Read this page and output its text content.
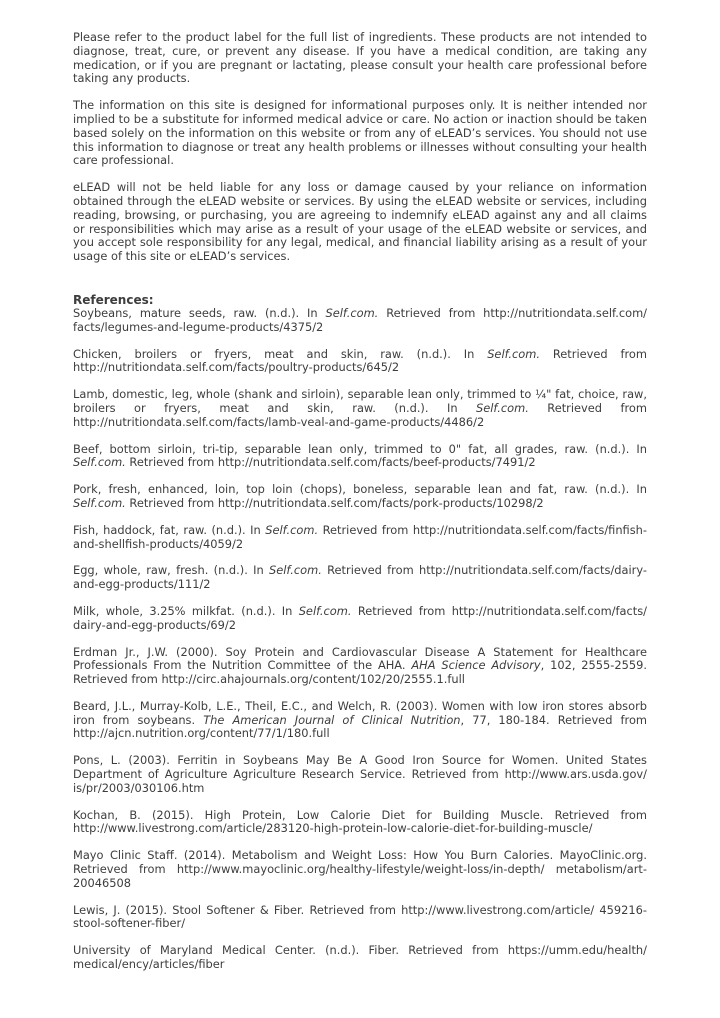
Please refer to the product label for the full list of ingredients. These products are not intended to diagnose, treat, cure, or prevent any disease. If you have a medical condition, are taking any medication, or if you are pregnant or lactating, please consult your health care professional before taking any products.

The information on this site is designed for informational purposes only. It is neither intended nor implied to be a substitute for informed medical advice or care. No action or inaction should be taken based solely on the information on this website or from any of eLEAD’s services. You should not use this information to diagnose or treat any health problems or illnesses without consulting your health care professional.

eLEAD will not be held liable for any loss or damage caused by your reliance on information obtained through the eLEAD website or services. By using the eLEAD website or services, including reading, browsing, or purchasing, you are agreeing to indemnify eLEAD against any and all claims or responsibilities which may arise as a result of your usage of the eLEAD website or services, and you accept sole responsibility for any legal, medical, and financial liability arising as a result of your usage of this site or eLEAD’s services.

References:

Soybeans, mature seeds, raw. (n.d.). In Self.com. Retrieved from http://nutritiondata.self.com/ facts/legumes-and-legume-products/4375/2

Chicken, broilers or fryers, meat and skin, raw. (n.d.). In Self.com. Retrieved from http://nutritiondata.self.com/facts/poultry-products/645/2

Lamb, domestic, leg, whole (shank and sirloin), separable lean only, trimmed to ¼" fat, choice, raw, broilers or fryers, meat and skin, raw. (n.d.). In Self.com. Retrieved from http://nutritiondata.self.com/facts/lamb-veal-and-game-products/4486/2

Beef, bottom sirloin, tri-tip, separable lean only, trimmed to 0" fat, all grades, raw. (n.d.). In Self.com. Retrieved from http://nutritiondata.self.com/facts/beef-products/7491/2

Pork, fresh, enhanced, loin, top loin (chops), boneless, separable lean and fat, raw. (n.d.). In Self.com. Retrieved from http://nutritiondata.self.com/facts/pork-products/10298/2

Fish, haddock, fat, raw. (n.d.). In Self.com. Retrieved from http://nutritiondata.self.com/facts/finfish-and-shellfish-products/4059/2

Egg, whole, raw, fresh. (n.d.). In Self.com. Retrieved from http://nutritiondata.self.com/facts/dairy-and-egg-products/111/2

Milk, whole, 3.25% milkfat. (n.d.). In Self.com. Retrieved from http://nutritiondata.self.com/facts/ dairy-and-egg-products/69/2

Erdman Jr., J.W. (2000). Soy Protein and Cardiovascular Disease A Statement for Healthcare Professionals From the Nutrition Committee of the AHA. AHA Science Advisory, 102, 2555-2559. Retrieved from http://circ.ahajournals.org/content/102/20/2555.1.full

Beard, J.L., Murray-Kolb, L.E., Theil, E.C., and Welch, R. (2003). Women with low iron stores absorb iron from soybeans. The American Journal of Clinical Nutrition, 77, 180-184. Retrieved from http://ajcn.nutrition.org/content/77/1/180.full

Pons, L. (2003). Ferritin in Soybeans May Be A Good Iron Source for Women. United States Department of Agriculture Agriculture Research Service. Retrieved from http://www.ars.usda.gov/ is/pr/2003/030106.htm

Kochan, B. (2015). High Protein, Low Calorie Diet for Building Muscle. Retrieved from http://www.livestrong.com/article/283120-high-protein-low-calorie-diet-for-building-muscle/

Mayo Clinic Staff. (2014). Metabolism and Weight Loss: How You Burn Calories. MayoClinic.org. Retrieved from http://www.mayoclinic.org/healthy-lifestyle/weight-loss/in-depth/ metabolism/art-20046508

Lewis, J. (2015). Stool Softener & Fiber. Retrieved from http://www.livestrong.com/article/ 459216-stool-softener-fiber/

University of Maryland Medical Center. (n.d.). Fiber. Retrieved from https://umm.edu/health/ medical/ency/articles/fiber
